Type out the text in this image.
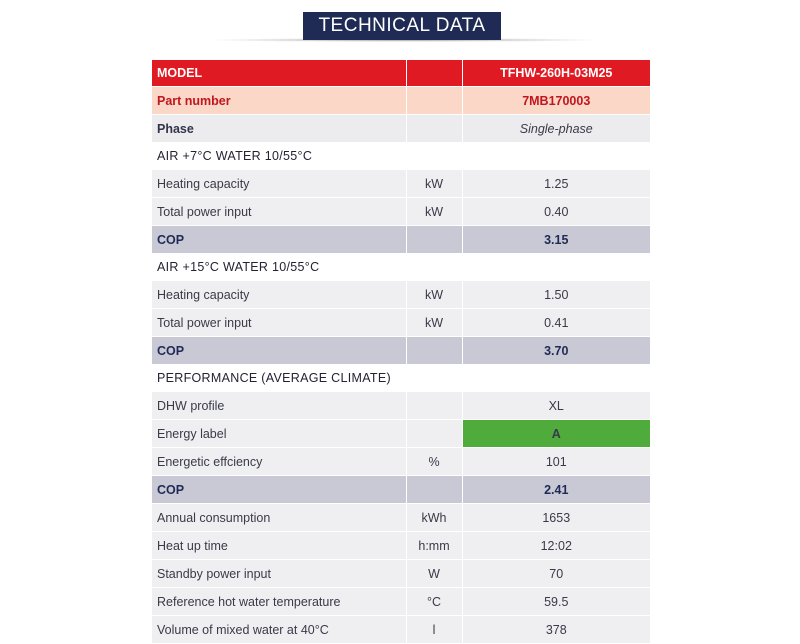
TECHNICAL DATA
MODEL		TFHW-260H-03M25
Part number		7MB170003
Phase		Single-phase
AIR +7°C WATER 10/55°C		
Heating capacity	kW	1.25
Total power input	kW	0.40
COP		3.15
AIR +15°C WATER 10/55°C		
Heating capacity	kW	1.50
Total power input	kW	0.41
COP		3.70
PERFORMANCE (AVERAGE CLIMATE)		
DHW profile		XL
Energy label		A
Energetic effciency	%	101
COP		2.41
Annual consumption	kWh	1653
Heat up time	h:mm	12:02
Standby power input	W	70
Reference hot water temperature	°C	59.5
Volume of mixed water at 40°C	l	378
